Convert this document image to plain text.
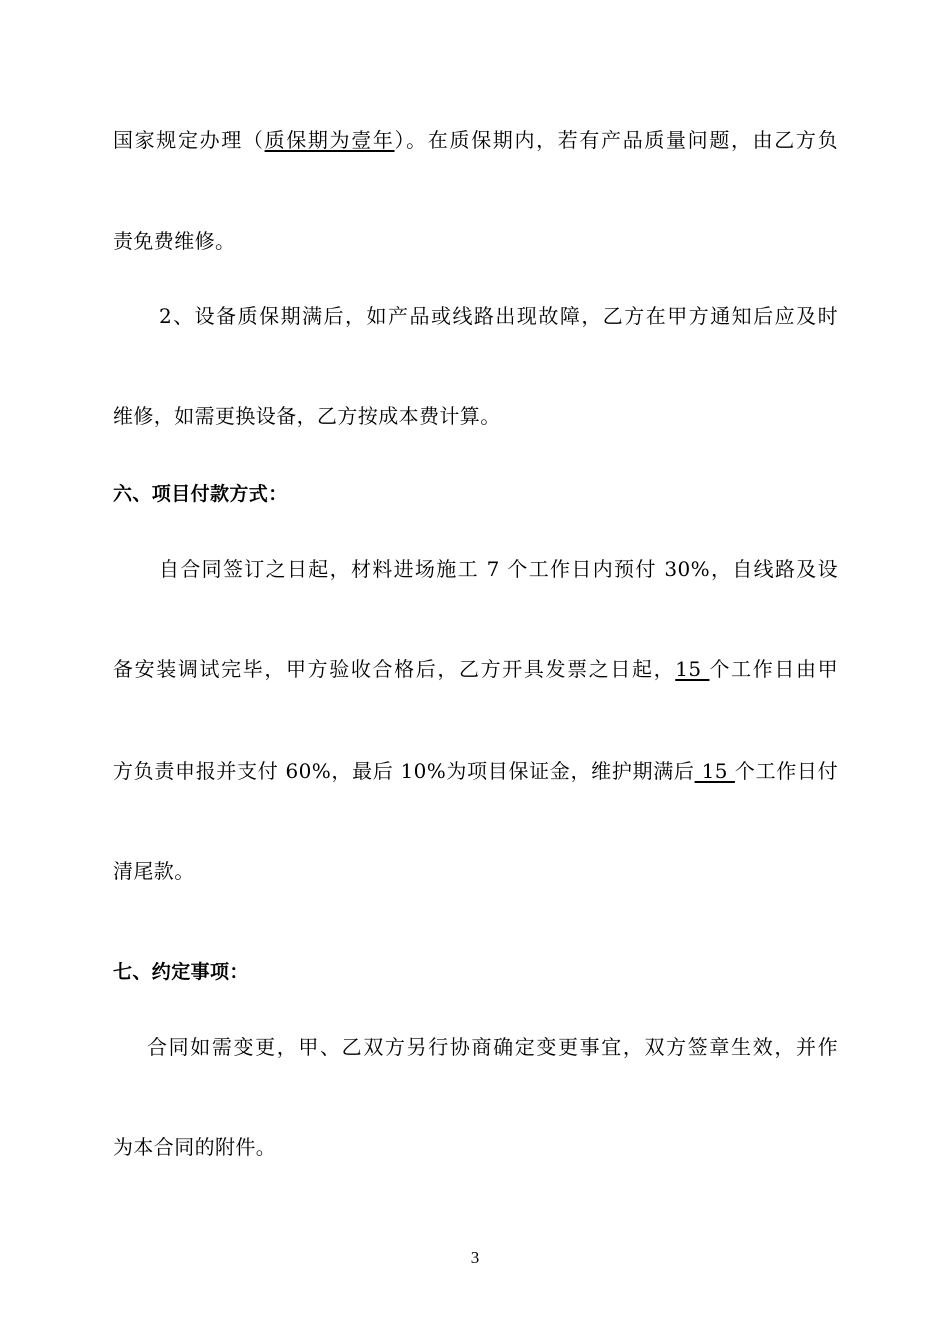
国家规定办理（质保期为壹年）。在质保期内，若有产品质量问题，由乙方负
责免费维修。
2、设备质保期满后，如产品或线路出现故障，乙方在甲方通知后应及时
维修，如需更换设备，乙方按成本费计算。
六、项目付款方式：
自合同签订之日起，材料进场施工 7 个工作日内预付 30%，自线路及设
备安装调试完毕，甲方验收合格后，乙方开具发票之日起，15 个工作日由甲
方负责申报并支付 60%，最后 10%为项目保证金，维护期满后 15 个工作日付
清尾款。
七、约定事项：
合同如需变更，甲、乙双方另行协商确定变更事宜，双方签章生效，并作
为本合同的附件。
3
